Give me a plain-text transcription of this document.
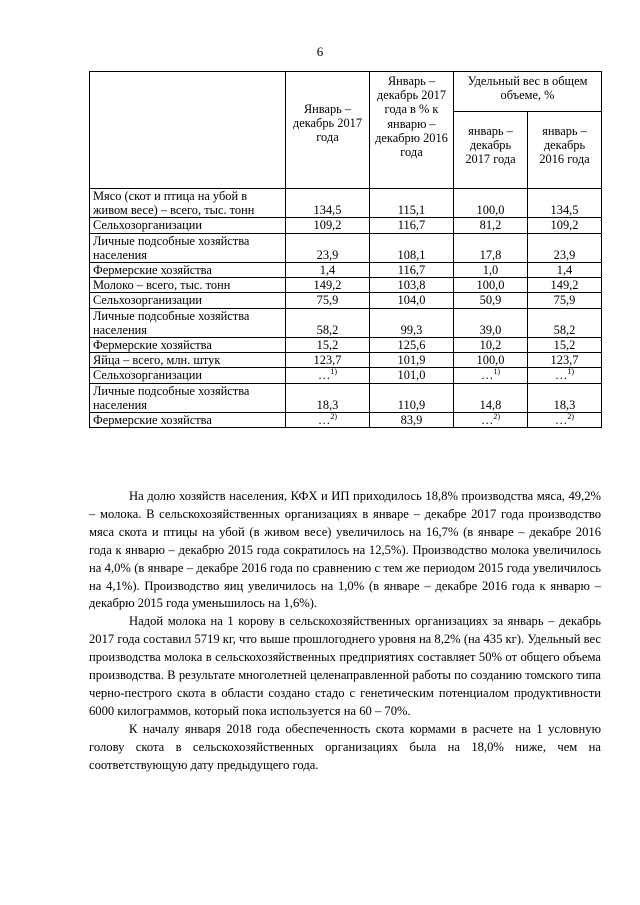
6
	Январь – декабрь 2017 года	Январь – декабрь 2017 года в % к январю – декабрю 2016 года	Удельный вес в общем объеме, %	
			январь – декабрь 2017 года	январь – декабрь 2016 года
Мясо (скот и птица на убой в живом весе) – всего, тыс. тонн	134,5	115,1	100,0	134,5
Сельхозорганизации	109,2	116,7	81,2	109,2
Личные подсобные хозяйства населения	23,9	108,1	17,8	23,9
Фермерские хозяйства	1,4	116,7	1,0	1,4
Молоко – всего, тыс. тонн	149,2	103,8	100,0	149,2
Сельхозорганизации	75,9	104,0	50,9	75,9
Личные подсобные хозяйства населения	58,2	99,3	39,0	58,2
Фермерские хозяйства	15,2	125,6	10,2	15,2
Яйца – всего, млн. штук	123,7	101,9	100,0	123,7
Сельхозорганизации	…$^{1)}$	101,0	…$^{1)}$	…$^{1)}$
Личные подсобные хозяйства населения	18,3	110,9	14,8	18,3
Фермерские хозяйства	…$^{2)}$	83,9	…$^{2)}$	…$^{2)}$

На долю хозяйств населения, КФХ и ИП приходилось 18,8% производства мяса, 49,2% – молока. В сельскохозяйственных организациях в январе – декабре 2017 года производство мяса скота и птицы на убой (в живом весе) увеличилось на 16,7% (в январе – декабре 2016 года к январю – декабрю 2015 года сократилось на 12,5%). Производство молока увеличилось на 4,0% (в январе – декабре 2016 года по сравнению с тем же периодом 2015 года увеличилось на 4,1%). Производство яиц увеличилось на 1,0% (в январе – декабре 2016 года к январю – декабрю 2015 года уменьшилось на 1,6%).

Надой молока на 1 корову в сельскохозяйственных организациях за январь – декабрь 2017 года составил 5719 кг, что выше прошлогоднего уровня на 8,2% (на 435 кг). Удельный вес производства молока в сельскохозяйственных предприятиях составляет 50% от общего объема производства. В результате многолетней целенаправленной работы по созданию томского типа черно-пестрого скота в области создано стадо с генетическим потенциалом продуктивности 6000 килограммов, который пока используется на 60 – 70%.

К началу января 2018 года обеспеченность скота кормами в расчете на 1 условную голову скота в сельскохозяйственных организациях была на 18,0% ниже, чем на соответствующую дату предыдущего года.
